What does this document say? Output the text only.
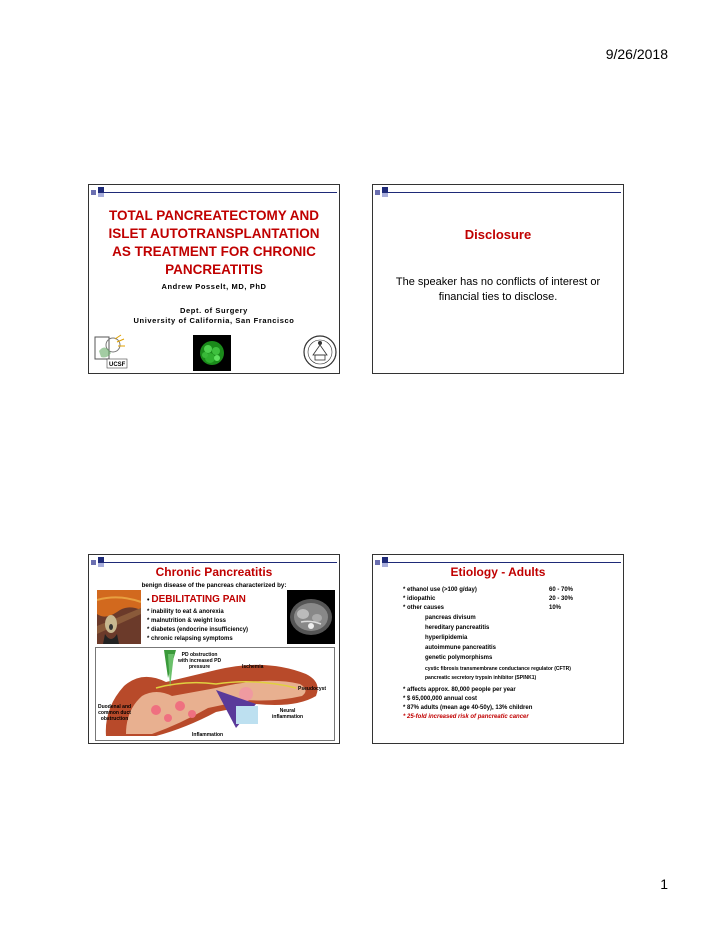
9/26/2018
TOTAL PANCREATECTOMY AND
ISLET AUTOTRANSPLANTATION
AS TREATMENT FOR CHRONIC
PANCREATITIS
Andrew Posselt, MD, PhD
Dept. of Surgery
University of California, San Francisco
UCSF
Disclosure
The speaker has no conflicts of interest or
financial ties to disclose.
Chronic Pancreatitis
benign disease of the pancreas characterized by:
• DEBILITATING PAIN
* inability to eat & anorexia
* malnutrition & weight loss
* diabetes (endocrine insufficiency)
* chronic relapsing symptoms
PD obstruction
with increased PD
pressure	Ischemia
Pseudocyst
Duodenal and
common duct
obstruction
Neural
inflammation
Inflammation
Etiology - Adults
* ethanol use (>100 g/day)	60 - 70%
* idiopathic	20 - 30%
* other causes	10%
pancreas divisum
hereditary pancreatitis
hyperlipidemia
autoimmune pancreatitis
genetic polymorphisms
cystic fibrosis transmembrane conductance regulator (CFTR)
pancreatic secretory trypsin inhibitor (SPINK1)
* affects approx. 80,000 people per year
* $ 65,000,000 annual cost
* 87% adults (mean age 40-50y), 13% children
* 25-fold increased risk of pancreatic cancer
1
